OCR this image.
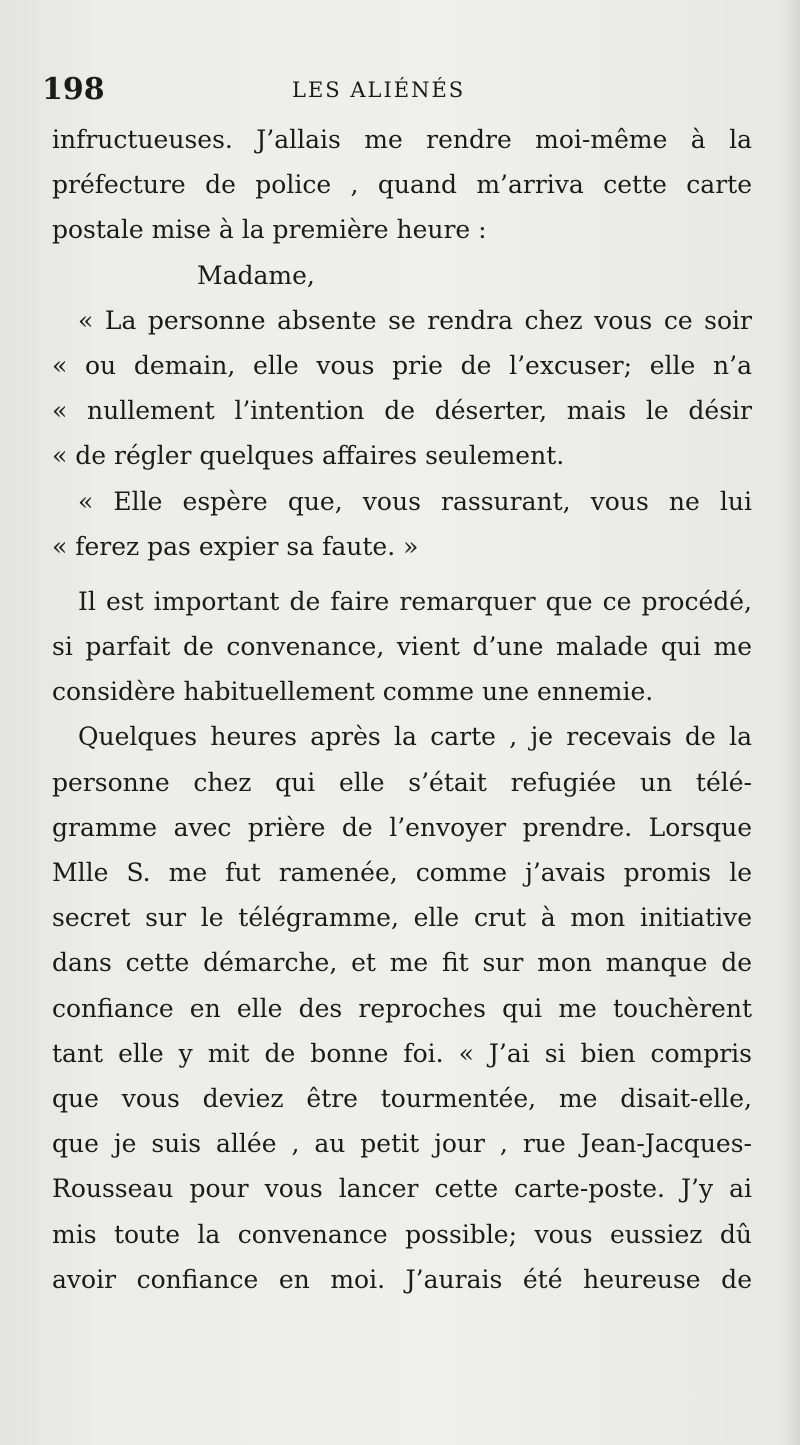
198	LES ALIÉNÉS
infructueuses. J’allais me rendre moi-même à la
préfecture de police , quand m’arriva cette carte
postale mise à la première heure :
Madame,
« La personne absente se rendra chez vous ce soir
« ou demain, elle vous prie de l’excuser; elle n’a
« nullement l’intention de déserter, mais le désir
« de régler quelques affaires seulement.
« Elle espère que, vous rassurant, vous ne lui
« ferez pas expier sa faute. »
Il est important de faire remarquer que ce procédé,
si parfait de convenance, vient d’une malade qui me
considère habituellement comme une ennemie.
Quelques heures après la carte , je recevais de la
personne chez qui elle s’était refugiée un télé-
gramme avec prière de l’envoyer prendre. Lorsque
Mlle S. me fut ramenée, comme j’avais promis le
secret sur le télégramme, elle crut à mon initiative
dans cette démarche, et me fit sur mon manque de
confiance en elle des reproches qui me touchèrent
tant elle y mit de bonne foi. « J’ai si bien compris
que vous deviez être tourmentée, me disait-elle,
que je suis allée , au petit jour , rue Jean-Jacques-
Rousseau pour vous lancer cette carte-poste. J’y ai
mis toute la convenance possible; vous eussiez dû
avoir confiance en moi. J’aurais été heureuse de
